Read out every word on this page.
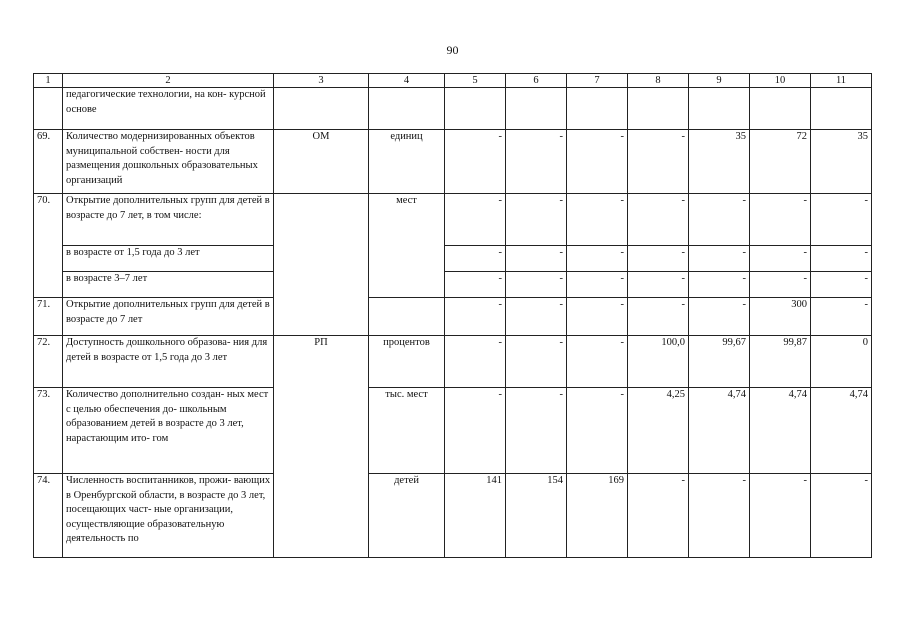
90
1	2	3	4	5	6	7	8	9	10	11
	педагогические технологии, на кон- курсной основе									
69.	Количество модернизированных объектов муниципальной собствен- ности для размещения дошкольных образовательных организаций	ОМ	единиц	-	-	-	-	35	72	35
70.	Открытие дополнительных групп для детей в возрасте до 7 лет, в том числе:		мест	-	-	-	-	-	-	-
	в возрасте от 1,5 года до 3 лет			-	-	-	-	-	-	-
	в возрасте 3–7 лет			-	-	-	-	-	-	-
71.	Открытие дополнительных групп для детей в возрасте до 7 лет			-	-	-	-	-	300	-
72.	Доступность дошкольного образова- ния для детей в возрасте от 1,5 года до 3 лет	РП	процентов	-	-	-	100,0	99,67	99,87	0
73.	Количество дополнительно создан- ных мест с целью обеспечения до- школьным образованием детей в возрасте до 3 лет, нарастающим ито- гом		тыс. мест	-	-	-	4,25	4,74	4,74	4,74
74.	Численность воспитанников, прожи- вающих в Оренбургской области, в возрасте до 3 лет, посещающих част- ные организации, осуществляющие образовательную деятельность по		детей	141	154	169	-	-	-	-
